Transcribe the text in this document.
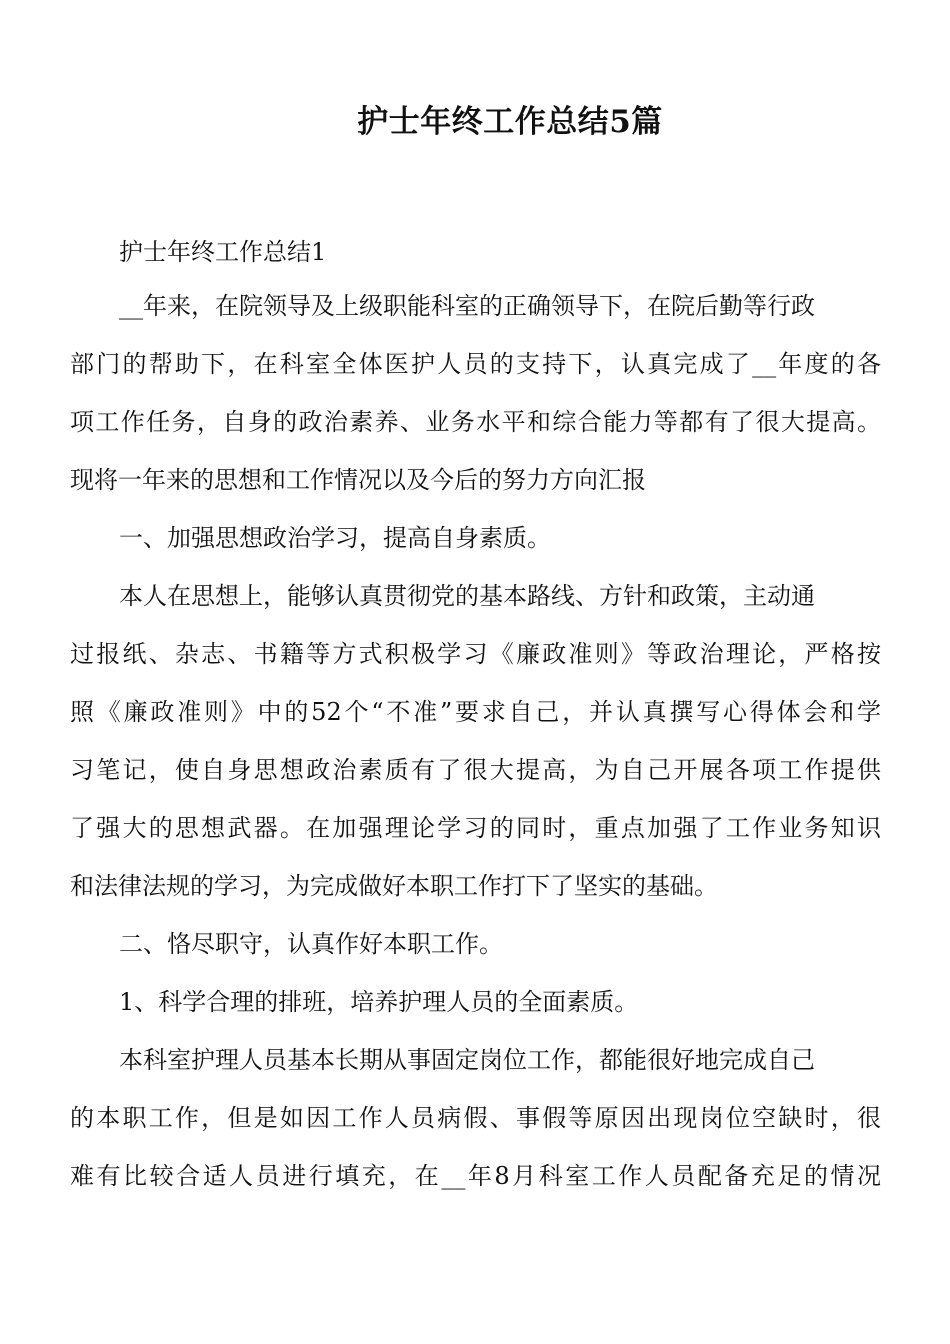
护士年终工作总结5篇

护士年终工作总结1

__年来，在院领导及上级职能科室的正确领导下，在院后勤等行政

部门的帮助下，在科室全体医护人员的支持下，认真完成了__年度的各

项工作任务，自身的政治素养、业务水平和综合能力等都有了很大提高。

现将一年来的思想和工作情况以及今后的努力方向汇报

一、加强思想政治学习，提高自身素质。

本人在思想上，能够认真贯彻党的基本路线、方针和政策，主动通

过报纸、杂志、书籍等方式积极学习《廉政准则》等政治理论，严格按

照《廉政准则》中的52个“不准”要求自己，并认真撰写心得体会和学

习笔记，使自身思想政治素质有了很大提高，为自己开展各项工作提供

了强大的思想武器。在加强理论学习的同时，重点加强了工作业务知识

和法律法规的学习，为完成做好本职工作打下了坚实的基础。

二、恪尽职守，认真作好本职工作。

1、科学合理的排班，培养护理人员的全面素质。

本科室护理人员基本长期从事固定岗位工作，都能很好地完成自己

的本职工作，但是如因工作人员病假、事假等原因出现岗位空缺时，很

难有比较合适人员进行填充，在__年8月科室工作人员配备充足的情况
